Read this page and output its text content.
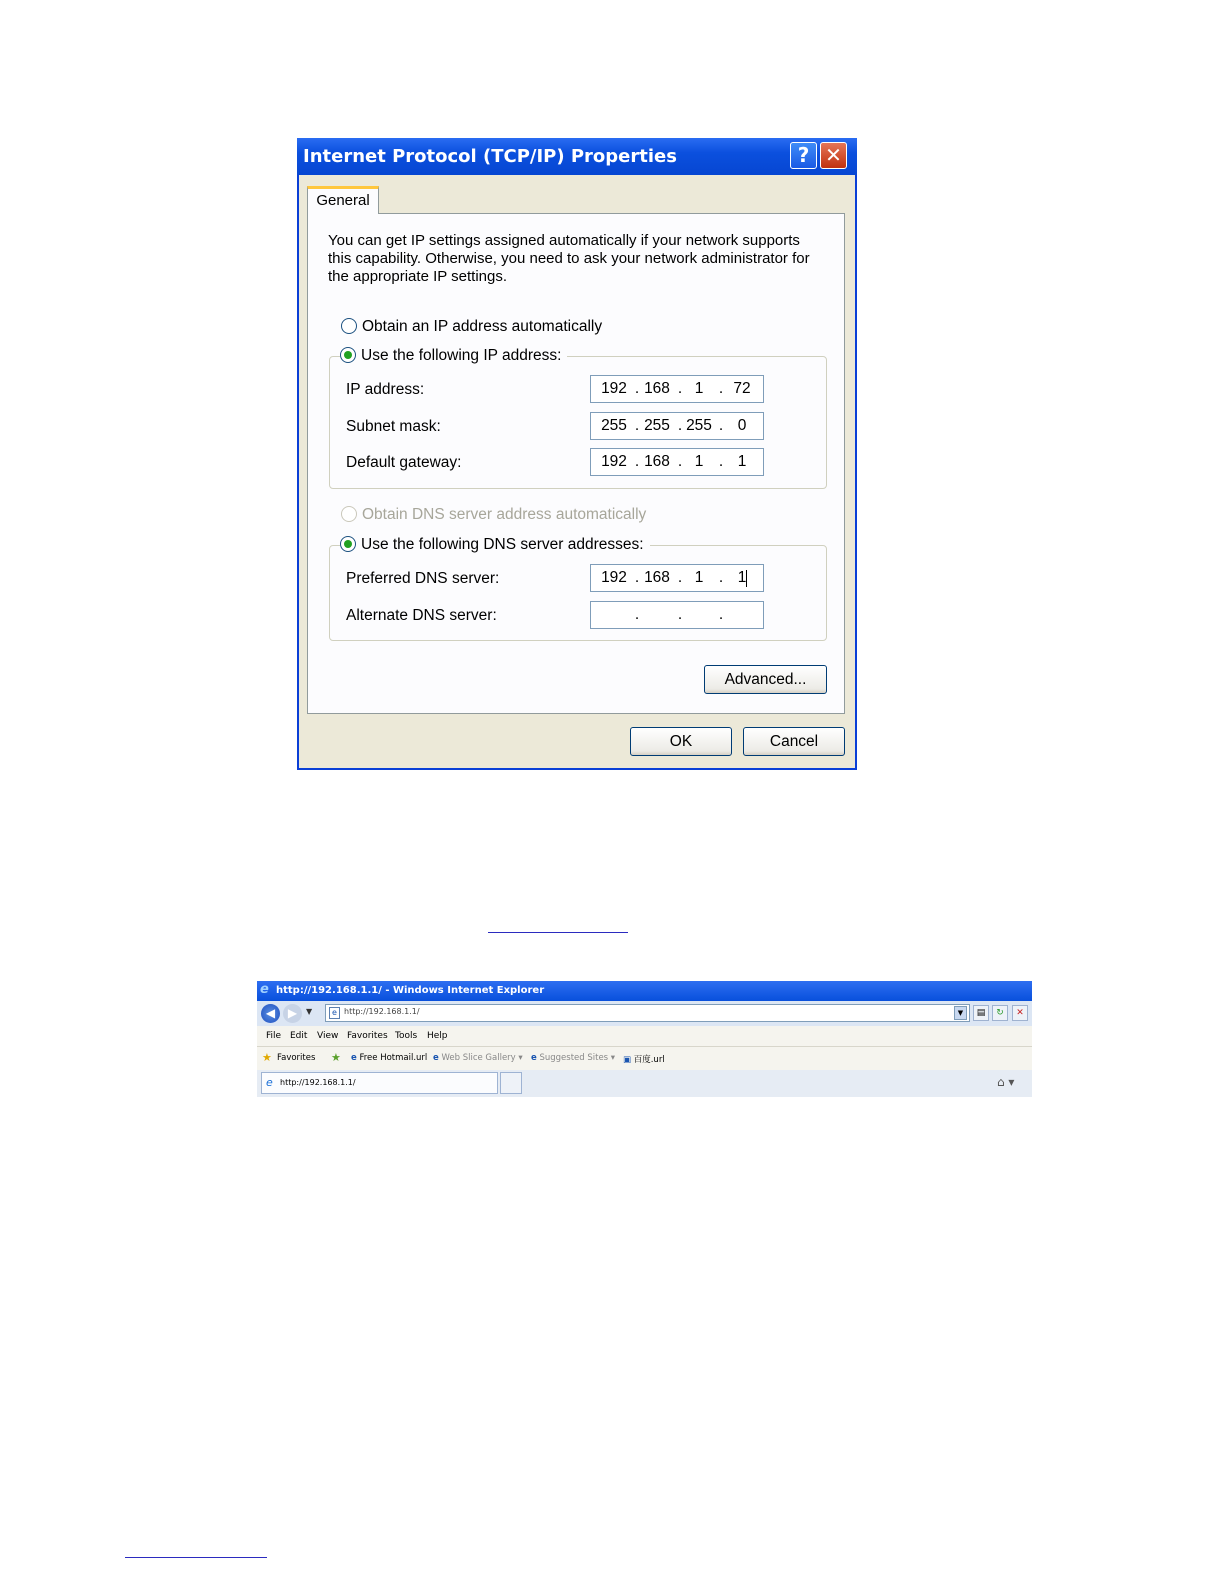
Internet Protocol (TCP/IP) Properties	? ✕
General
You can get IP settings assigned automatically if your network supports this capability. Otherwise, you need to ask your network administrator for the appropriate IP settings.
Obtain an IP address automatically
Use the following IP address:
IP address:	192 . 168 . 1	. 72
Subnet mask:	255 . 255 . 255 . 0
Default gateway:	192 . 168 . 1	. 1
Obtain DNS server address automatically
Use the following DNS server addresses:
Preferred DNS server:	192 . 168 . 1	. 1
Alternate DNS server:	. . .
Advanced...
OK	Cancel
e http://192.168.1.1/ - Windows Internet Explorer
◀	▶	▼	e http://192.168.1.1/	▼	▤	↻	✕
File Edit View Favorites Tools Help
★ Favorites ★ e Free Hotmail.url e Web Slice Gallery ▾ e Suggested Sites ▾ ▣ 百度.url
e http://192.168.1.1/	⌂ ▾
